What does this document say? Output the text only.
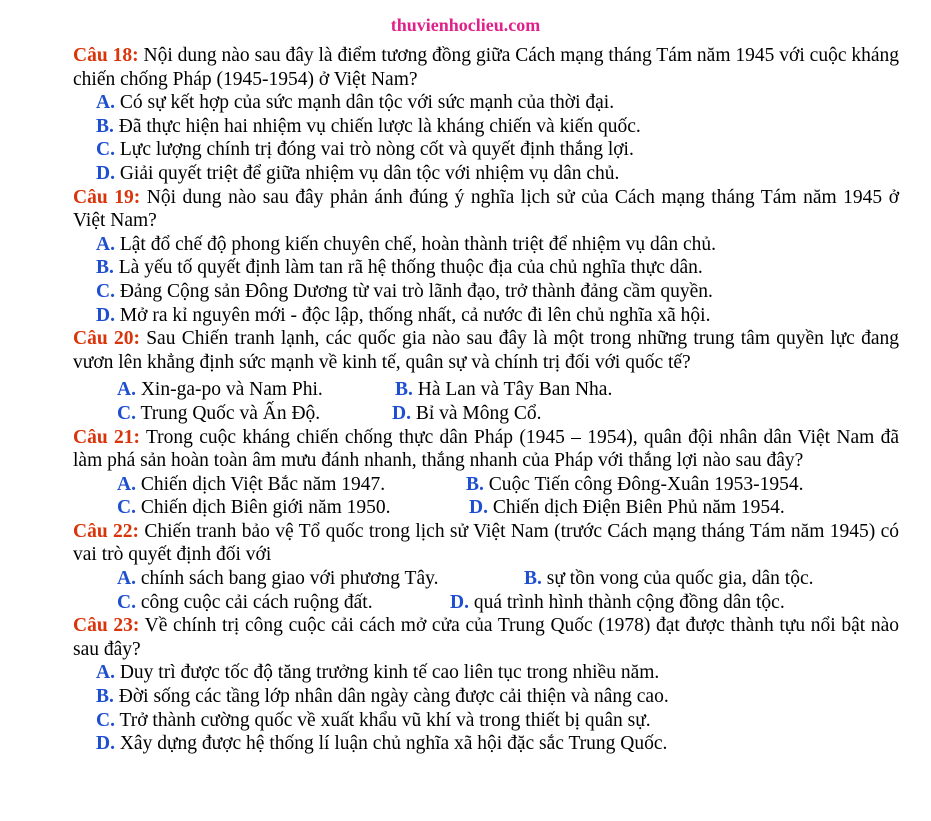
thuvienhoclieu.com

Câu 18: Nội dung nào sau đây là điểm tương đồng giữa Cách mạng tháng Tám năm 1945 với cuộc kháng chiến chống Pháp (1945-1954) ở Việt Nam?

A. Có sự kết hợp của sức mạnh dân tộc với sức mạnh của thời đại.

B. Đã thực hiện hai nhiệm vụ chiến lược là kháng chiến và kiến quốc.

C. Lực lượng chính trị đóng vai trò nòng cốt và quyết định thắng lợi.

D. Giải quyết triệt để giữa nhiệm vụ dân tộc với nhiệm vụ dân chủ.

Câu 19: Nội dung nào sau đây phản ánh đúng ý nghĩa lịch sử của Cách mạng tháng Tám năm 1945 ở Việt Nam?

A. Lật đổ chế độ phong kiến chuyên chế, hoàn thành triệt để nhiệm vụ dân chủ.

B. Là yếu tố quyết định làm tan rã hệ thống thuộc địa của chủ nghĩa thực dân.

C. Đảng Cộng sản Đông Dương từ vai trò lãnh đạo, trở thành đảng cầm quyền.

D. Mở ra kỉ nguyên mới - độc lập, thống nhất, cả nước đi lên chủ nghĩa xã hội.

Câu 20: Sau Chiến tranh lạnh, các quốc gia nào sau đây là một trong những trung tâm quyền lực đang vươn lên khẳng định sức mạnh về kinh tế, quân sự và chính trị đối với quốc tế?

A. Xin-ga-po và Nam Phi.	B. Hà Lan và Tây Ban Nha.
C. Trung Quốc và Ấn Độ.	D. Bỉ và Mông Cổ.

Câu 21: Trong cuộc kháng chiến chống thực dân Pháp (1945 – 1954), quân đội nhân dân Việt Nam đã làm phá sản hoàn toàn âm mưu đánh nhanh, thắng nhanh của Pháp với thắng lợi nào sau đây?

A. Chiến dịch Việt Bắc năm 1947.	B. Cuộc Tiến công Đông-Xuân 1953-1954.
C. Chiến dịch Biên giới năm 1950.	D. Chiến dịch Điện Biên Phủ năm 1954.

Câu 22: Chiến tranh bảo vệ Tổ quốc trong lịch sử Việt Nam (trước Cách mạng tháng Tám năm 1945) có vai trò quyết định đối với

A. chính sách bang giao với phương Tây.	B. sự tồn vong của quốc gia, dân tộc.
C. công cuộc cải cách ruộng đất.	D. quá trình hình thành cộng đồng dân tộc.

Câu 23: Về chính trị công cuộc cải cách mở cửa của Trung Quốc (1978) đạt được thành tựu nổi bật nào sau đây?

A. Duy trì được tốc độ tăng trưởng kinh tế cao liên tục trong nhiều năm.

B. Đời sống các tầng lớp nhân dân ngày càng được cải thiện và nâng cao.

C. Trở thành cường quốc về xuất khẩu vũ khí và trong thiết bị quân sự.

D. Xây dựng được hệ thống lí luận chủ nghĩa xã hội đặc sắc Trung Quốc.
